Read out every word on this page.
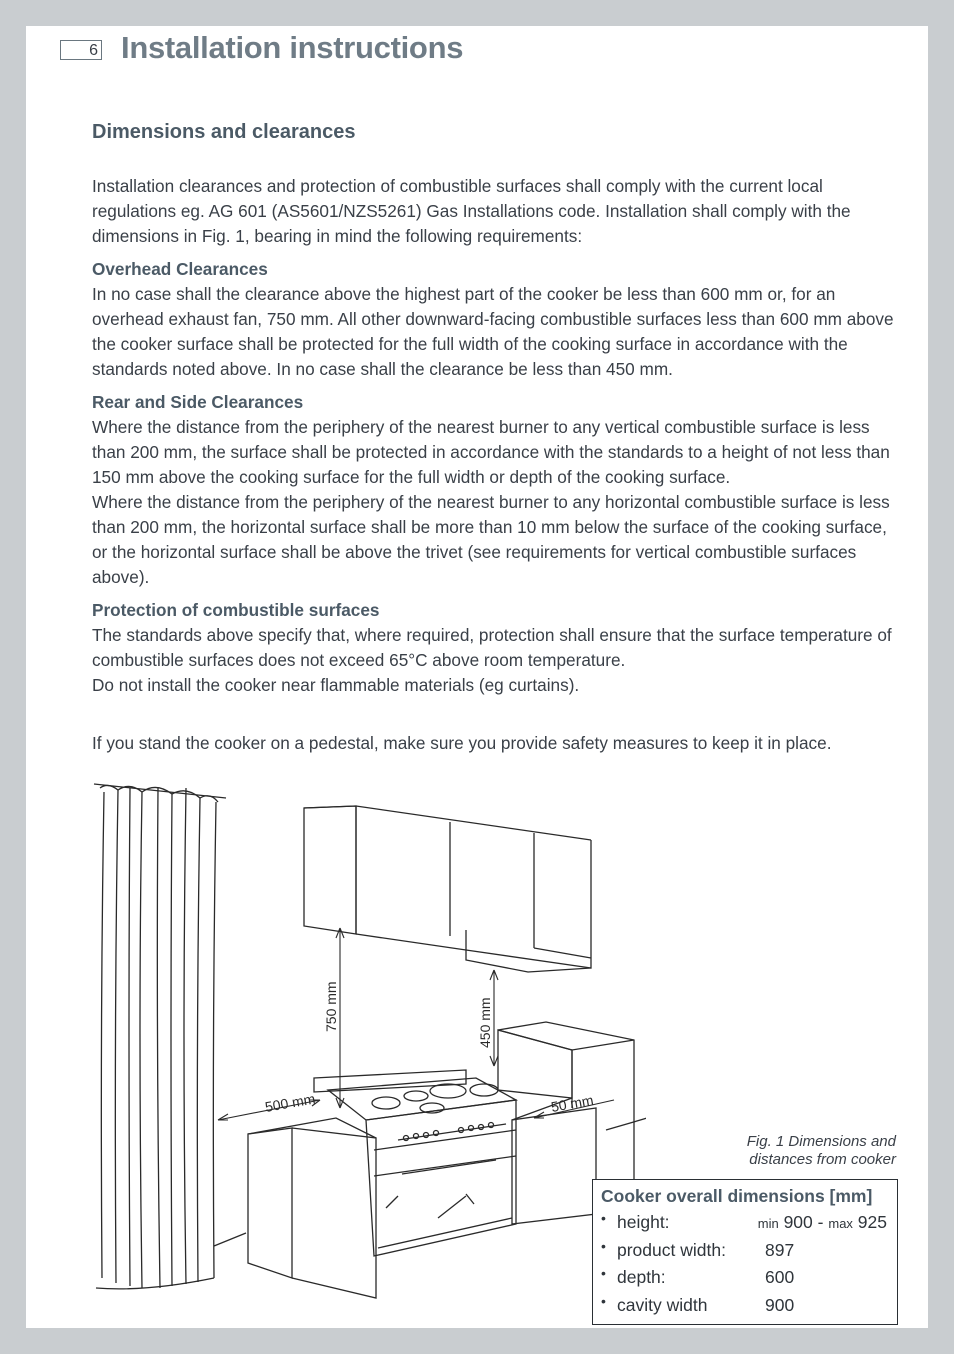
6 Installation instructions
Dimensions and clearances

Installation clearances and protection of combustible surfaces shall comply with the current local regulations eg. AG 601 (AS5601/NZS5261) Gas Installations code. Installation shall comply with the dimensions in Fig. 1, bearing in mind the following requirements:

Overhead Clearances
In no case shall the clearance above the highest part of the cooker be less than 600 mm or, for an overhead exhaust fan, 750 mm. All other downward-facing combustible surfaces less than 600 mm above the cooker surface shall be protected for the full width of the cooking surface in accordance with the standards noted above. In no case shall the clearance be less than 450 mm.

Rear and Side Clearances
Where the distance from the periphery of the nearest burner to any vertical combustible surface is less than 200 mm, the surface shall be protected in accordance with the standards to a height of not less than 150 mm above the cooking surface for the full width or depth of the cooking surface.
Where the distance from the periphery of the nearest burner to any horizontal combustible surface is less than 200 mm, the horizontal surface shall be more than 10 mm below the surface of the cooking surface, or the horizontal surface shall be above the trivet (see requirements for vertical combustible surfaces above).

Protection of combustible surfaces
The standards above specify that, where required, protection shall ensure that the surface temperature of combustible surfaces does not exceed 65°C above room temperature.
Do not install the cooker near flammable materials (eg curtains).

If you stand the cooker on a pedestal, make sure you provide safety measures to keep it in place.

750 mm	450 mm
500 mm	50 mm
Fig. 1 Dimensions and
distances from cooker
Cooker overall dimensions [mm]
• height:	min 900 - max 925
• product width: 897
• depth:	600
• cavity width	900
